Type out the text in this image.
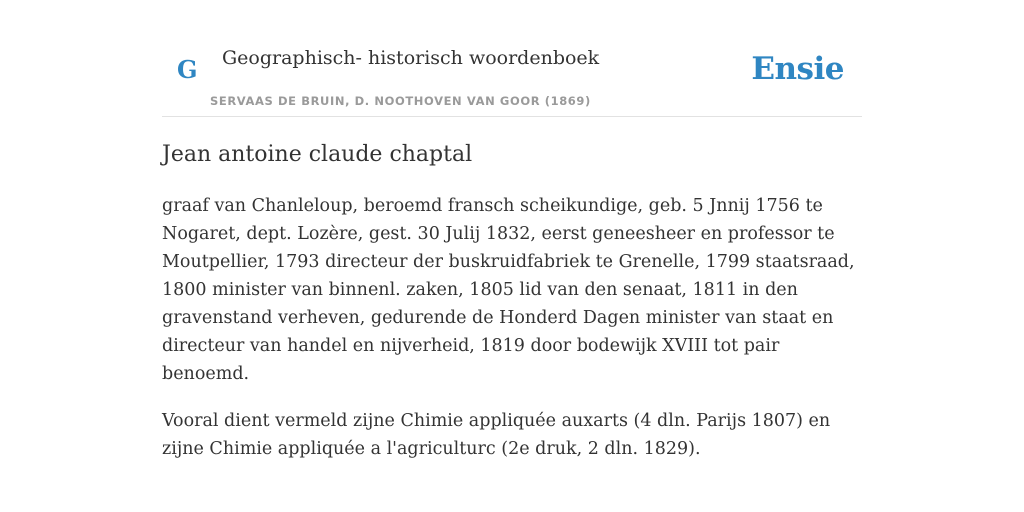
G Geographisch- historisch woordenboek
SERVAAS DE BRUIN, D. NOOTHOVEN VAN GOOR (1869)
Ensie
Jean antoine claude chaptal

graaf van Chanleloup, beroemd fransch scheikundige, geb. 5 Jnnij 1756 te Nogaret, dept. Lozère, gest. 30 Julij 1832, eerst geneesheer en professor te Moutpellier, 1793 directeur der buskruidfabriek te Grenelle, 1799 staatsraad, 1800 minister van binnenl. zaken, 1805 lid van den senaat, 1811 in den gravenstand verheven, gedurende de Honderd Dagen minister van staat en directeur van handel en nijverheid, 1819 door bodewijk XVIII tot pair benoemd.

Vooral dient vermeld zijne Chimie appliquée auxarts (4 dln. Parijs 1807) en zijne Chimie appliquée a l'agriculturc (2e druk, 2 dln. 1829).
